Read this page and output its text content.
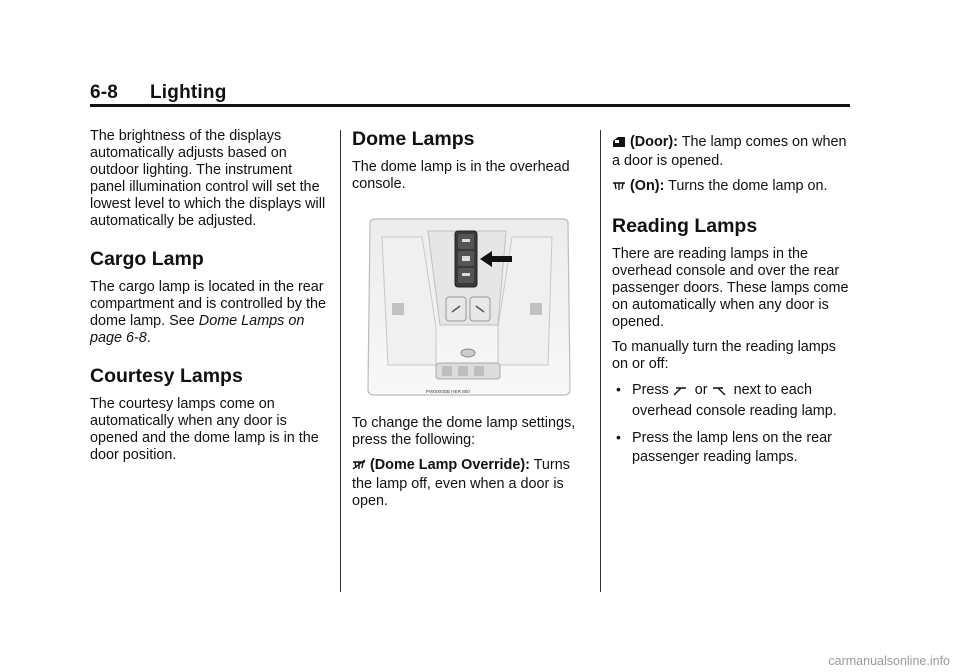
6-8 Lighting

The brightness of the displays automatically adjusts based on outdoor lighting. The instrument panel illumination control will set the lowest level to which the displays will automatically be adjusted.

Cargo Lamp

The cargo lamp is located in the rear compartment and is controlled by the dome lamp. See Dome Lamps on page 6-8.

Courtesy Lamps

The courtesy lamps come on automatically when any door is opened and the dome lamp is in the door position.

Dome Lamps

The dome lamp is in the overhead console.

PW0000DB HER 800

To change the dome lamp settings, press the following:

(Dome Lamp Override): Turns the lamp off, even when a door is open.

(Door): The lamp comes on when a door is opened.

(On): Turns the dome lamp on.

Reading Lamps

There are reading lamps in the overhead console and over the rear passenger doors. These lamps come on automatically when any door is opened.

To manually turn the reading lamps on or off:

• Press  or  next to each overhead console reading lamp.
• Press the lamp lens on the rear passenger reading lamps.
carmanualsonline.info
